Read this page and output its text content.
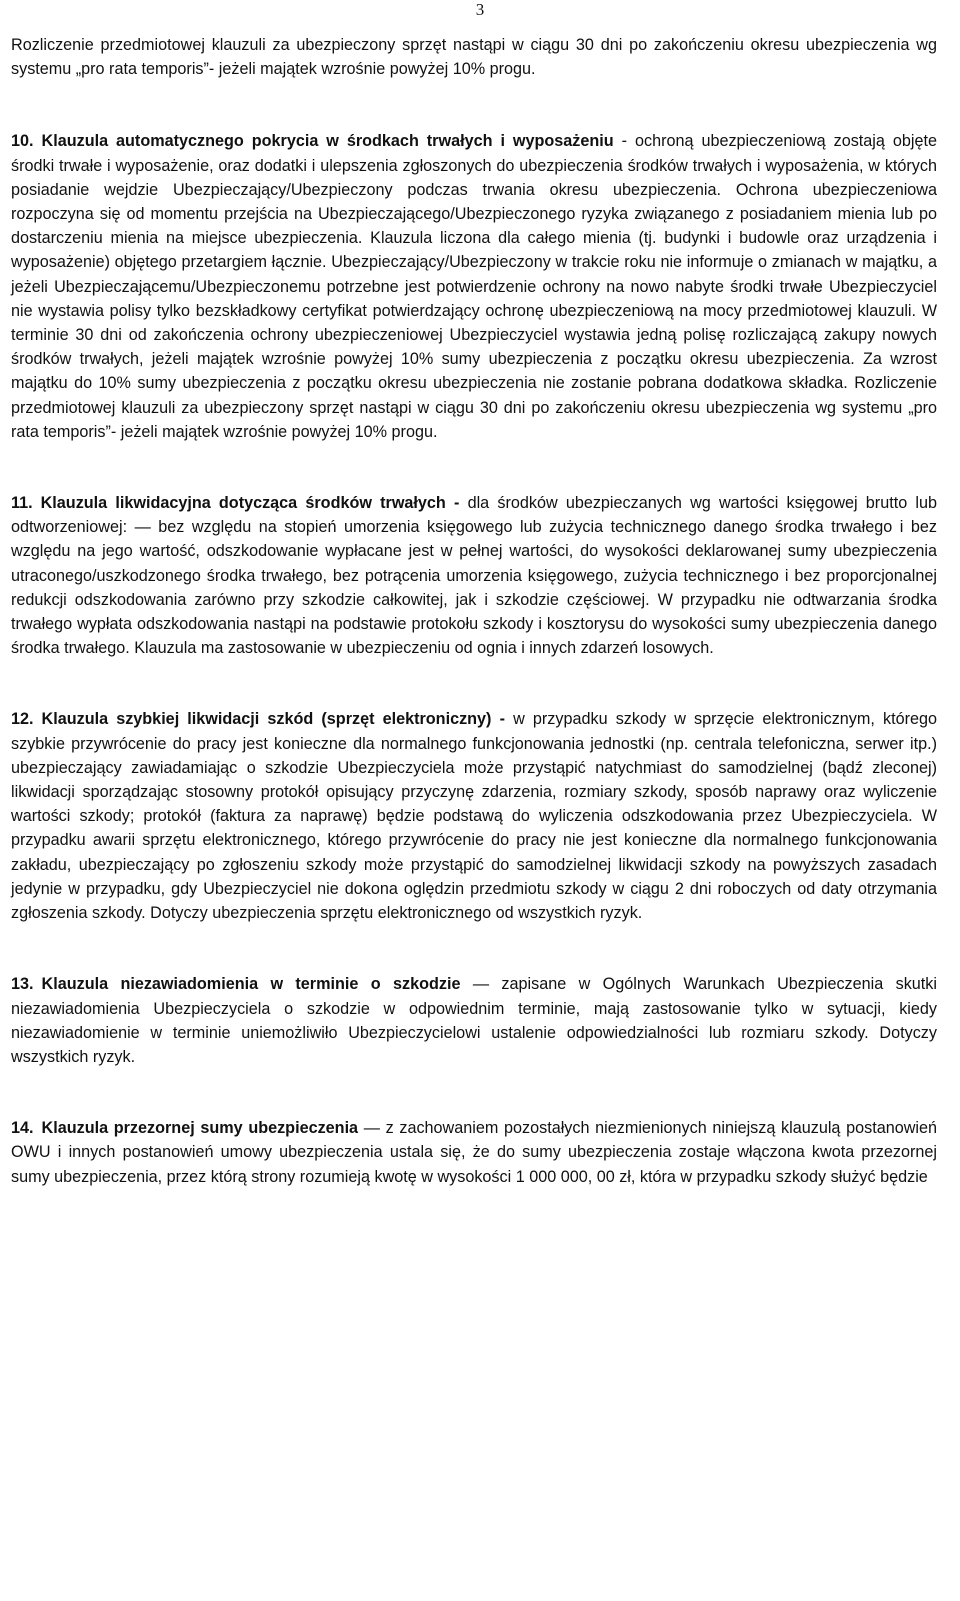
3

Rozliczenie przedmiotowej klauzuli za ubezpieczony sprzęt nastąpi w ciągu 30 dni po zakończeniu okresu ubezpieczenia wg systemu „pro rata temporis”- jeżeli majątek wzrośnie powyżej 10% progu.

10. Klauzula automatycznego pokrycia w środkach trwałych i wyposażeniu - ochroną ubezpieczeniową zostają objęte środki trwałe i wyposażenie, oraz dodatki i ulepszenia zgłoszonych do ubezpieczenia środków trwałych i wyposażenia, w których posiadanie wejdzie Ubezpieczający/Ubezpieczony podczas trwania okresu ubezpieczenia. Ochrona ubezpieczeniowa rozpoczyna się od momentu przejścia na Ubezpieczającego/Ubezpieczonego ryzyka związanego z posiadaniem mienia lub po dostarczeniu mienia na miejsce ubezpieczenia. Klauzula liczona dla całego mienia (tj. budynki i budowle oraz urządzenia i wyposażenie) objętego przetargiem łącznie. Ubezpieczający/Ubezpieczony w trakcie roku nie informuje o zmianach w majątku, a jeżeli Ubezpieczającemu/Ubezpieczonemu potrzebne jest potwierdzenie ochrony na nowo nabyte środki trwałe Ubezpieczyciel nie wystawia polisy tylko bezskładkowy certyfikat potwierdzający ochronę ubezpieczeniową na mocy przedmiotowej klauzuli. W terminie 30 dni od zakończenia ochrony ubezpieczeniowej Ubezpieczyciel wystawia jedną polisę rozliczającą zakupy nowych środków trwałych, jeżeli majątek wzrośnie powyżej 10% sumy ubezpieczenia z początku okresu ubezpieczenia. Za wzrost majątku do 10% sumy ubezpieczenia z początku okresu ubezpieczenia nie zostanie pobrana dodatkowa składka. Rozliczenie przedmiotowej klauzuli za ubezpieczony sprzęt nastąpi w ciągu 30 dni po zakończeniu okresu ubezpieczenia wg systemu „pro rata temporis”- jeżeli majątek wzrośnie powyżej 10% progu.

11. Klauzula likwidacyjna dotycząca środków trwałych - dla środków ubezpieczanych wg wartości księgowej brutto lub odtworzeniowej: — bez względu na stopień umorzenia księgowego lub zużycia technicznego danego środka trwałego i bez względu na jego wartość, odszkodowanie wypłacane jest w pełnej wartości, do wysokości deklarowanej sumy ubezpieczenia utraconego/uszkodzonego środka trwałego, bez potrącenia umorzenia księgowego, zużycia technicznego i bez proporcjonalnej redukcji odszkodowania zarówno przy szkodzie całkowitej, jak i szkodzie częściowej. W przypadku nie odtwarzania środka trwałego wypłata odszkodowania nastąpi na podstawie protokołu szkody i kosztorysu do wysokości sumy ubezpieczenia danego środka trwałego. Klauzula ma zastosowanie w ubezpieczeniu od ognia i innych zdarzeń losowych.

12. Klauzula szybkiej likwidacji szkód (sprzęt elektroniczny) - w przypadku szkody w sprzęcie elektronicznym, którego szybkie przywrócenie do pracy jest konieczne dla normalnego funkcjonowania jednostki (np. centrala telefoniczna, serwer itp.) ubezpieczający zawiadamiając o szkodzie Ubezpieczyciela może przystąpić natychmiast do samodzielnej (bądź zleconej) likwidacji sporządzając stosowny protokół opisujący przyczynę zdarzenia, rozmiary szkody, sposób naprawy oraz wyliczenie wartości szkody; protokół (faktura za naprawę) będzie podstawą do wyliczenia odszkodowania przez Ubezpieczyciela. W przypadku awarii sprzętu elektronicznego, którego przywrócenie do pracy nie jest konieczne dla normalnego funkcjonowania zakładu, ubezpieczający po zgłoszeniu szkody może przystąpić do samodzielnej likwidacji szkody na powyższych zasadach jedynie w przypadku, gdy Ubezpieczyciel nie dokona oględzin przedmiotu szkody w ciągu 2 dni roboczych od daty otrzymania zgłoszenia szkody. Dotyczy ubezpieczenia sprzętu elektronicznego od wszystkich ryzyk.

13. Klauzula niezawiadomienia w terminie o szkodzie — zapisane w Ogólnych Warunkach Ubezpieczenia skutki niezawiadomienia Ubezpieczyciela o szkodzie w odpowiednim terminie, mają zastosowanie tylko w sytuacji, kiedy niezawiadomienie w terminie uniemożliwiło Ubezpieczycielowi ustalenie odpowiedzialności lub rozmiaru szkody. Dotyczy wszystkich ryzyk.

14. Klauzula przezornej sumy ubezpieczenia — z zachowaniem pozostałych niezmienionych niniejszą klauzulą postanowień OWU i innych postanowień umowy ubezpieczenia ustala się, że do sumy ubezpieczenia zostaje włączona kwota przezornej sumy ubezpieczenia, przez którą strony rozumieją kwotę w wysokości 1 000 000, 00 zł, która w przypadku szkody służyć będzie
